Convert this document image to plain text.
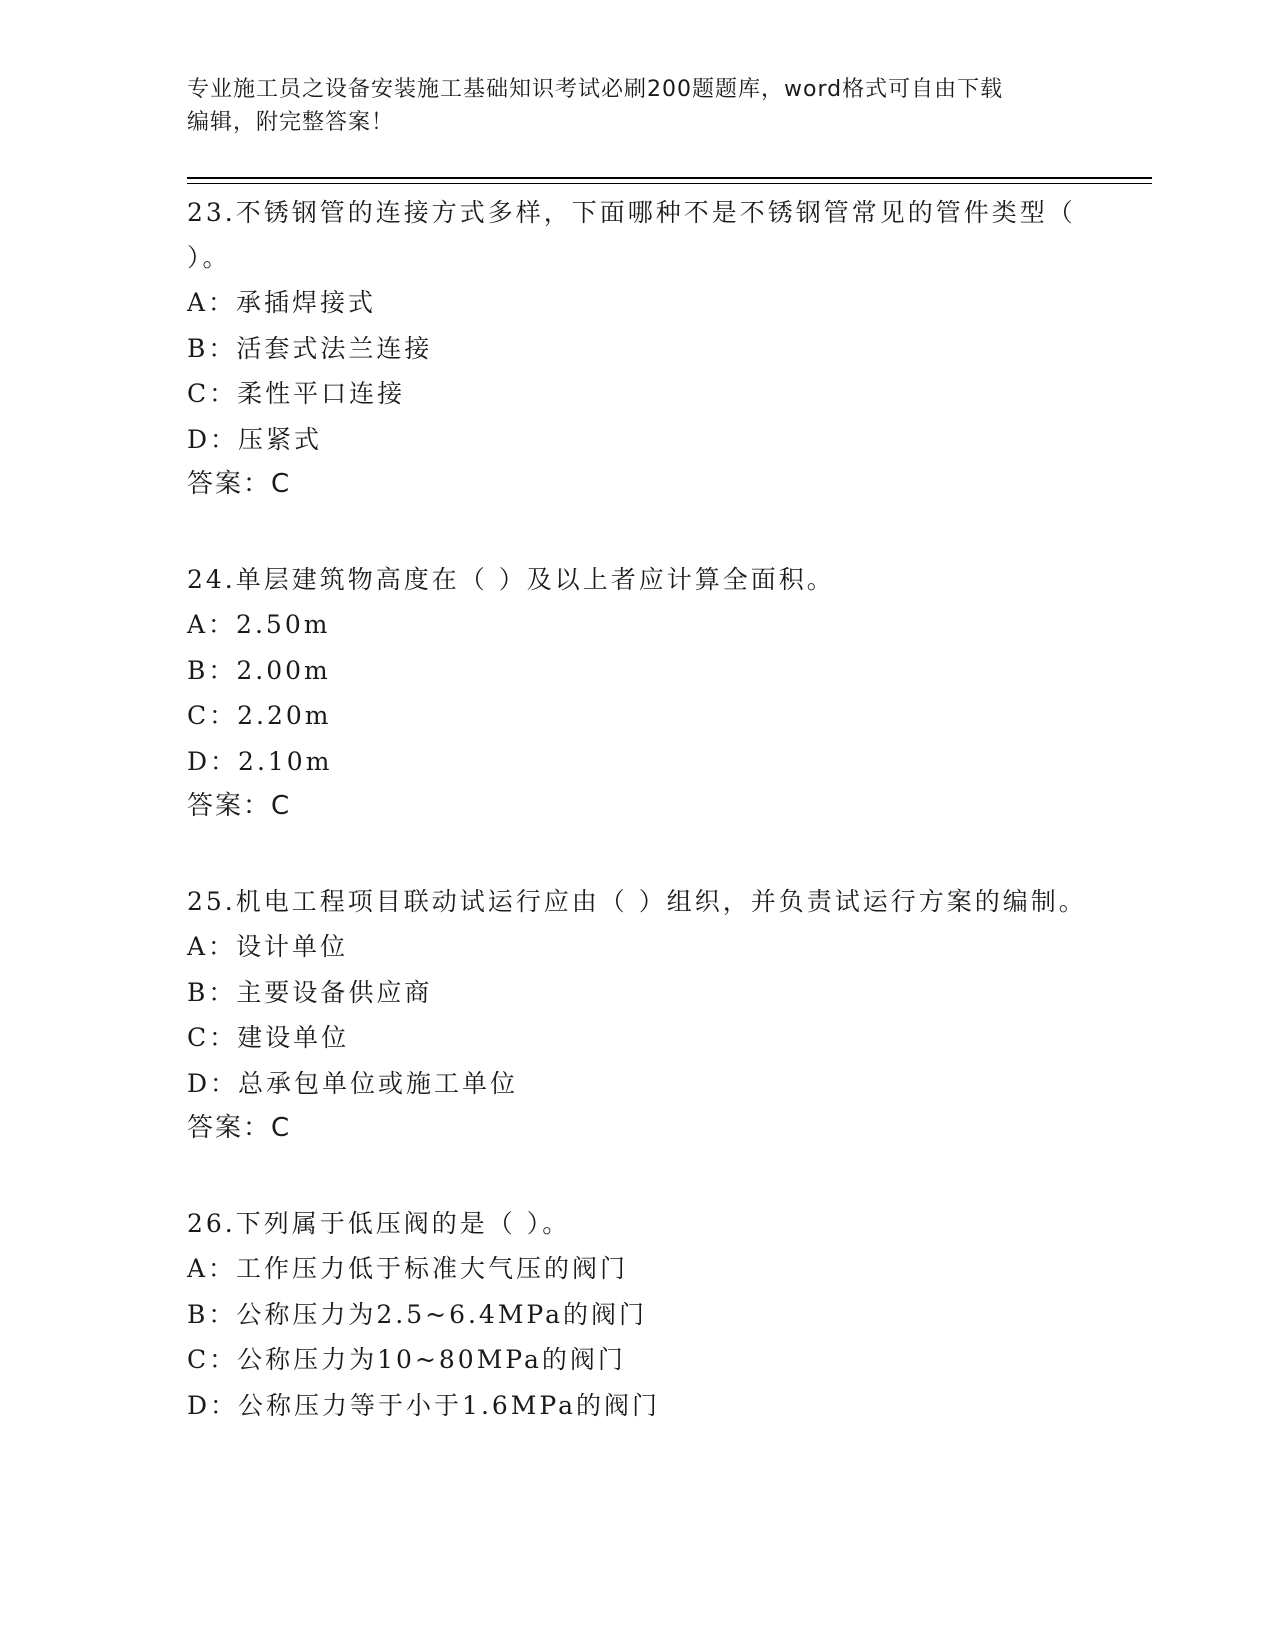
专业施工员之设备安装施工基础知识考试必刷200题题库，word格式可自由下载
编辑，附完整答案！
23.不锈钢管的连接方式多样，下面哪种不是不锈钢管常见的管件类型（ ）。
A：承插焊接式
B：活套式法兰连接
C：柔性平口连接
D：压紧式
答案：C
24.单层建筑物高度在（ ）及以上者应计算全面积。
A：2.50m
B：2.00m
C：2.20m
D：2.10m
答案：C
25.机电工程项目联动试运行应由（ ）组织，并负责试运行方案的编制。
A：设计单位
B：主要设备供应商
C：建设单位
D：总承包单位或施工单位
答案：C
26.下列属于低压阀的是（ ）。
A：工作压力低于标准大气压的阀门
B：公称压力为2.5~6.4MPa的阀门
C：公称压力为10~80MPa的阀门
D：公称压力等于小于1.6MPa的阀门
